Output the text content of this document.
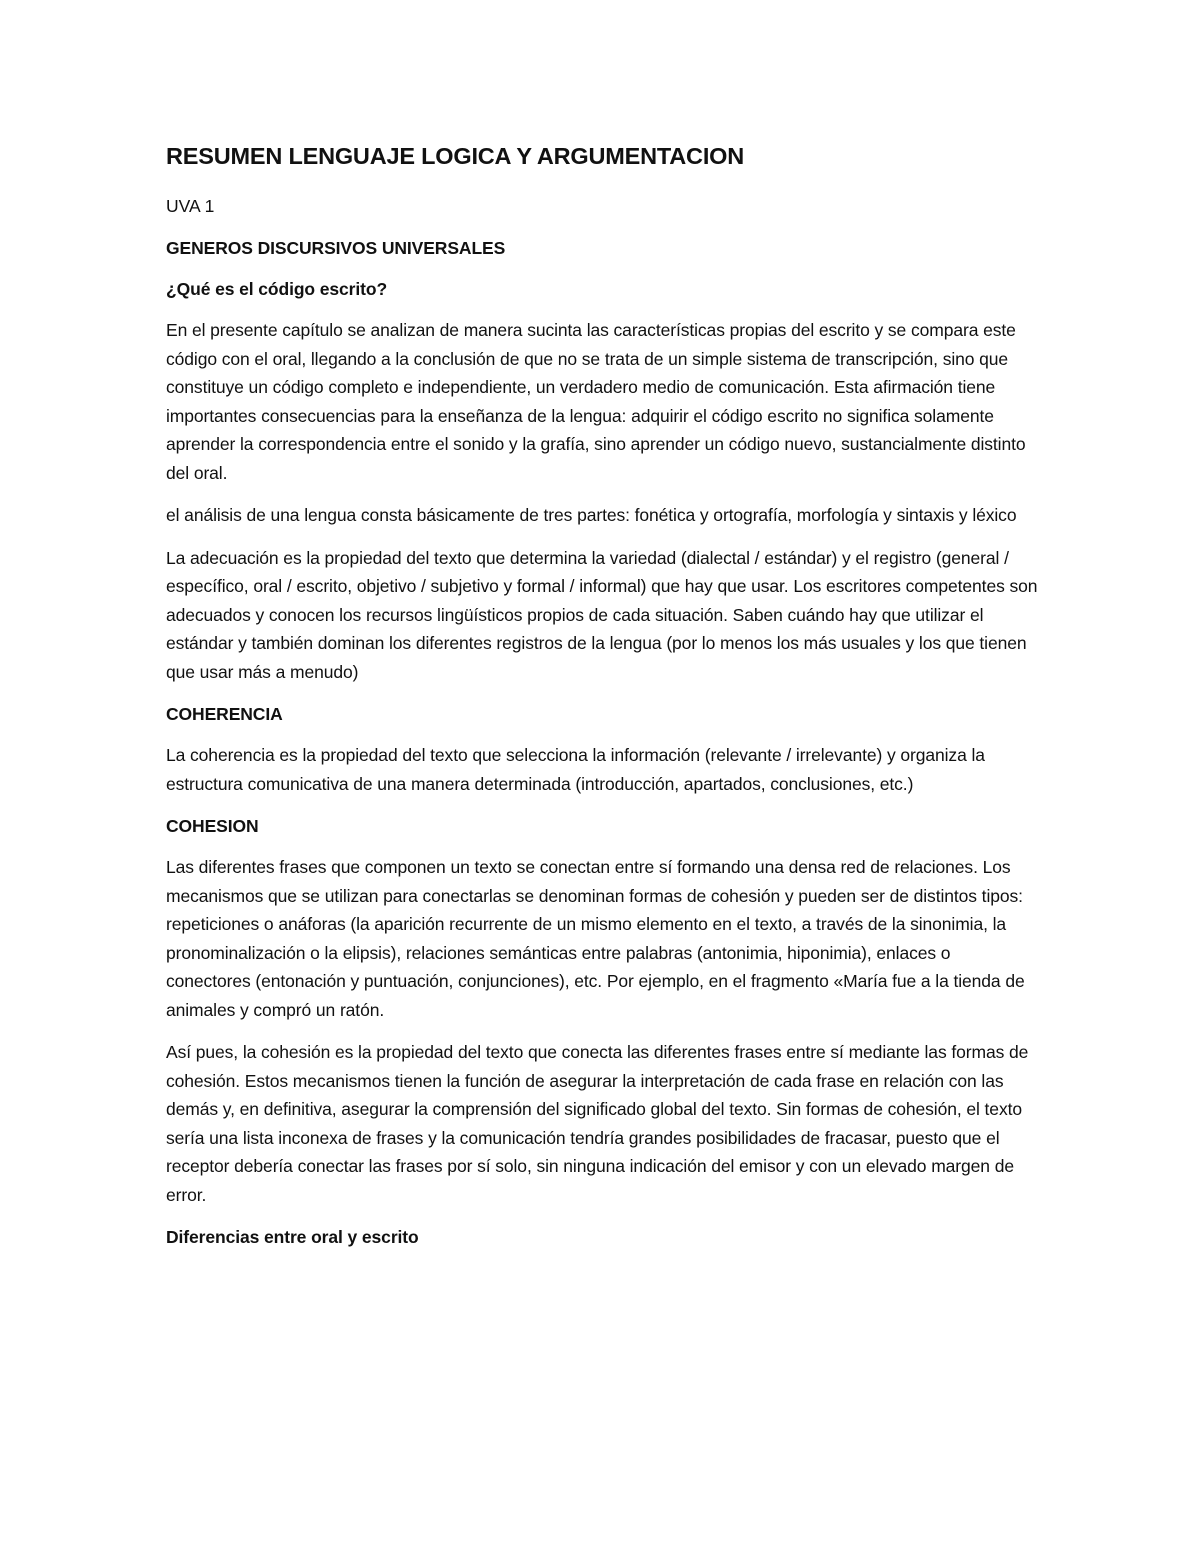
RESUMEN LENGUAJE LOGICA Y ARGUMENTACION

UVA 1

GENEROS DISCURSIVOS UNIVERSALES
¿Qué es el código escrito?

En el presente capítulo se analizan de manera sucinta las características propias del escrito y se compara este código con el oral, llegando a la conclusión de que no se trata de un simple sistema de transcripción, sino que constituye un código completo e independiente, un verdadero medio de comunicación. Esta afirmación tiene importantes consecuencias para la enseñanza de la lengua: adquirir el código escrito no significa solamente aprender la correspondencia entre el sonido y la grafía, sino aprender un código nuevo, sustancialmente distinto del oral.

el análisis de una lengua consta básicamente de tres partes: fonética y ortografía, morfología y sintaxis y léxico

La adecuación es la propiedad del texto que determina la variedad (dialectal / estándar) y el registro (general / específico, oral / escrito, objetivo / subjetivo y formal / informal) que hay que usar. Los escritores competentes son adecuados y conocen los recursos lingüísticos propios de cada situación. Saben cuándo hay que utilizar el estándar y también dominan los diferentes registros de la lengua (por lo menos los más usuales y los que tienen que usar más a menudo)

COHERENCIA

La coherencia es la propiedad del texto que selecciona la información (relevante / irrelevante) y organiza la estructura comunicativa de una manera determinada (introducción, apartados, conclusiones, etc.)

COHESION

Las diferentes frases que componen un texto se conectan entre sí formando una densa red de relaciones. Los mecanismos que se utilizan para conectarlas se denominan formas de cohesión y pueden ser de distintos tipos: repeticiones o anáforas (la aparición recurrente de un mismo elemento en el texto, a través de la sinonimia, la pronominalización o la elipsis), relaciones semánticas entre palabras (antonimia, hiponimia), enlaces o conectores (entonación y puntuación, conjunciones), etc. Por ejemplo, en el fragmento «María fue a la tienda de animales y compró un ratón.

Así pues, la cohesión es la propiedad del texto que conecta las diferentes frases entre sí mediante las formas de cohesión. Estos mecanismos tienen la función de asegurar la interpretación de cada frase en relación con las demás y, en definitiva, asegurar la comprensión del significado global del texto. Sin formas de cohesión, el texto sería una lista inconexa de frases y la comunicación tendría grandes posibilidades de fracasar, puesto que el receptor debería conectar las frases por sí solo, sin ninguna indicación del emisor y con un elevado margen de error.

Diferencias entre oral y escrito
